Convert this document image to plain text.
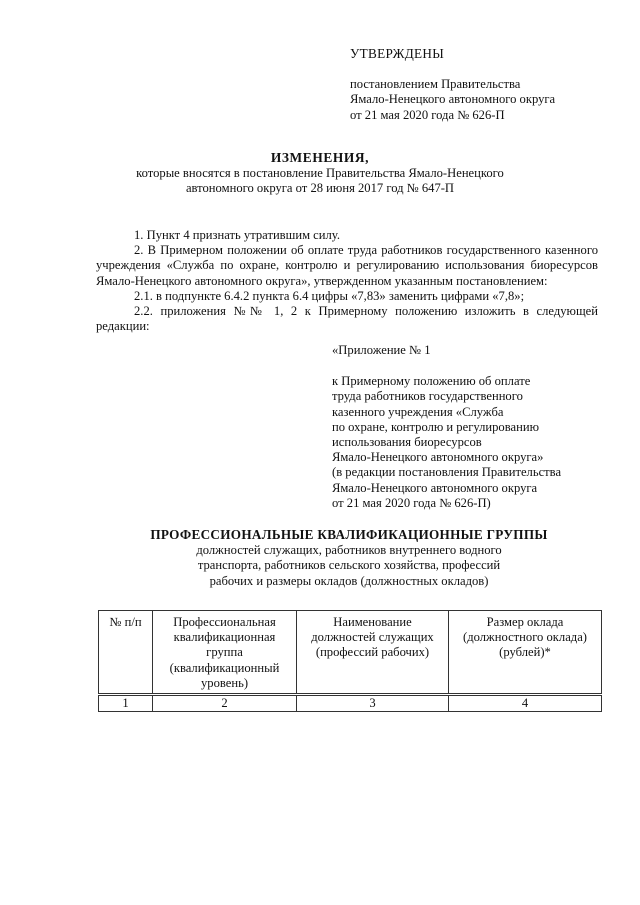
УТВЕРЖДЕНЫ
постановлением Правительства
Ямало-Ненецкого автономного округа
от 21 мая 2020 года № 626-П
ИЗМЕНЕНИЯ,
которые вносятся в постановление Правительства Ямало-Ненецкого
автономного округа от 28 июня 2017 год № 647-П

1. Пункт 4 признать утратившим силу.

2. В Примерном положении об оплате труда работников государственного казенного учреждения «Служба по охране, контролю и регулированию использования биоресурсов Ямало-Ненецкого автономного округа», утвержденном указанным постановлением:

2.1. в подпункте 6.4.2 пункта 6.4 цифры «7,83» заменить цифрами «7,8»;

2.2. приложения №№ 1, 2 к Примерному положению изложить в следующей редакции:

«Приложение № 1
к Примерному положению об оплате
труда работников государственного
казенного учреждения «Служба
по охране, контролю и регулированию
использования биоресурсов
Ямало-Ненецкого автономного округа»
(в редакции постановления Правительства
Ямало-Ненецкого автономного округа
от 21 мая 2020 года № 626-П)
ПРОФЕССИОНАЛЬНЫЕ КВАЛИФИКАЦИОННЫЕ ГРУППЫ
должностей служащих, работников внутреннего водного
транспорта, работников сельского хозяйства, профессий
рабочих и размеры окладов (должностных окладов)
№ п/п	Профессиональная квалификационная группа (квалификационный уровень)	Наименование должностей служащих (профессий рабочих)	Размер оклада (должностного оклада) (рублей)*
1	2	3	4
